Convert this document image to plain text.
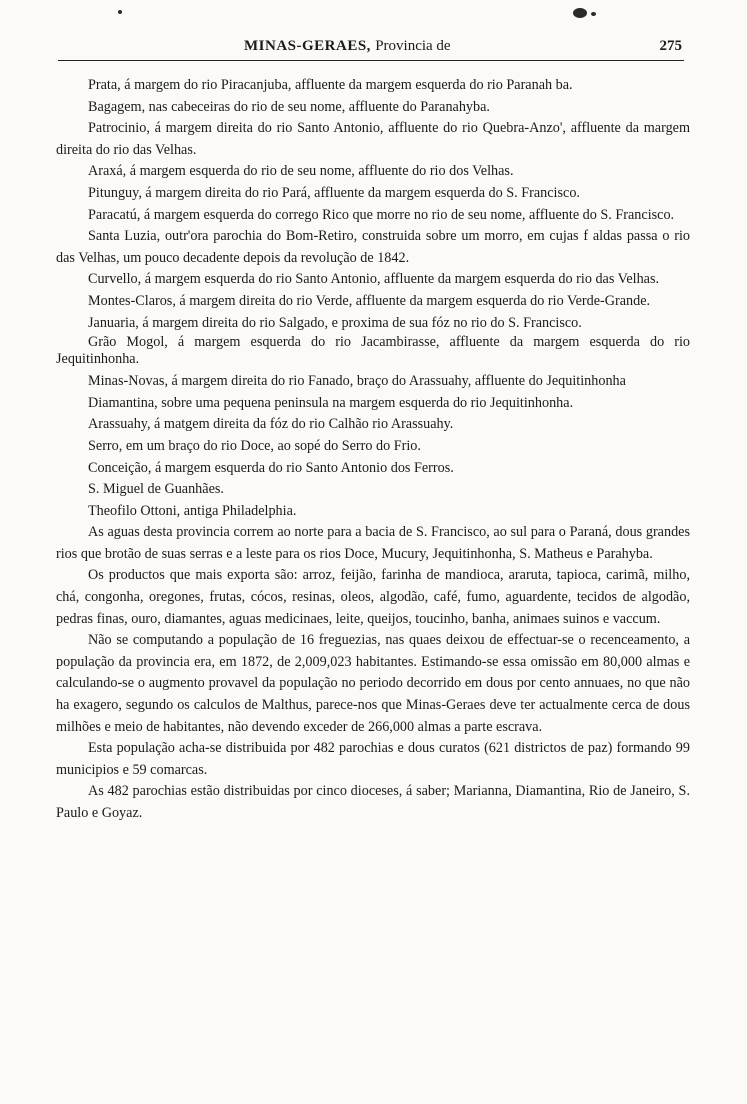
MINAS-GERAES, Provincia de	275

Prata, á margem do rio Piracanjuba, affluente da margem esquerda do rio Paranah ba.

Bagagem, nas cabeceiras do rio de seu nome, affluente do Paranahyba.

Patrocinio, á margem direita do rio Santo Antonio, affluente do rio Quebra-Anzo', affluente da margem direita do rio das Velhas.

Araxá, á margem esquerda do rio de seu nome, affluente do rio dos Velhas.

Pitunguy, á margem direita do rio Pará, affluente da margem esquerda do S. Francisco.

Paracatú, á margem esquerda do corrego Rico que morre no rio de seu nome, affluente do S. Francisco.

Santa Luzia, outr'ora parochia do Bom-Retiro, construida sobre um morro, em cujas f aldas passa o rio das Velhas, um pouco decadente depois da revolução de 1842.

Curvello, á margem esquerda do rio Santo Antonio, affluente da margem esquerda do rio das Velhas.

Montes-Claros, á margem direita do rio Verde, affluente da margem esquerda do rio Verde-Grande.

Januaria, á margem direita do rio Salgado, e proxima de sua fóz no rio do S. Francisco.

Grão Mogol, á margem esquerda do rio Jacambirasse, affluente da margem esquerda do rio Jequitinhonha.

Minas-Novas, á margem direita do rio Fanado, braço do Arassuahy, affluente do Jequitinhonha

Diamantina, sobre uma pequena peninsula na margem esquerda do rio Jequitinhonha.

Arassuahy, á matgem direita da fóz do rio Calhão rio Arassuahy.

Serro, em um braço do rio Doce, ao sopé do Serro do Frio.

Conceição, á margem esquerda do rio Santo Antonio dos Ferros.

S. Miguel de Guanhães.

Theofilo Ottoni, antiga Philadelphia.

As aguas desta provincia correm ao norte para a bacia de S. Francisco, ao sul para o Paraná, dous grandes rios que brotão de suas serras e a leste para os rios Doce, Mucury, Jequitinhonha, S. Matheus e Parahyba.

Os productos que mais exporta são: arroz, feijão, farinha de mandioca, araruta, tapioca, carimã, milho, chá, congonha, oregones, frutas, cócos, resinas, oleos, algodão, café, fumo, aguardente, tecidos de algodão, pedras finas, ouro, diamantes, aguas medicinaes, leite, queijos, toucinho, banha, animaes suinos e vaccum.

Não se computando a população de 16 freguezias, nas quaes deixou de effectuar-se o recenceamento, a população da provincia era, em 1872, de 2,009,023 habitantes. Estimando-se essa omissão em 80,000 almas e calculando-se o augmento provavel da população no periodo decorrido em dous por cento annuaes, no que não ha exagero, segundo os calculos de Malthus, parece-nos que Minas-Geraes deve ter actualmente cerca de dous milhões e meio de habitantes, não devendo exceder de 266,000 almas a parte escrava.

Esta população acha-se distribuida por 482 parochias e dous curatos (621 districtos de paz) formando 99 municipios e 59 comarcas.

As 482 parochias estão distribuidas por cinco dioceses, á saber; Marianna, Diamantina, Rio de Janeiro, S. Paulo e Goyaz.
